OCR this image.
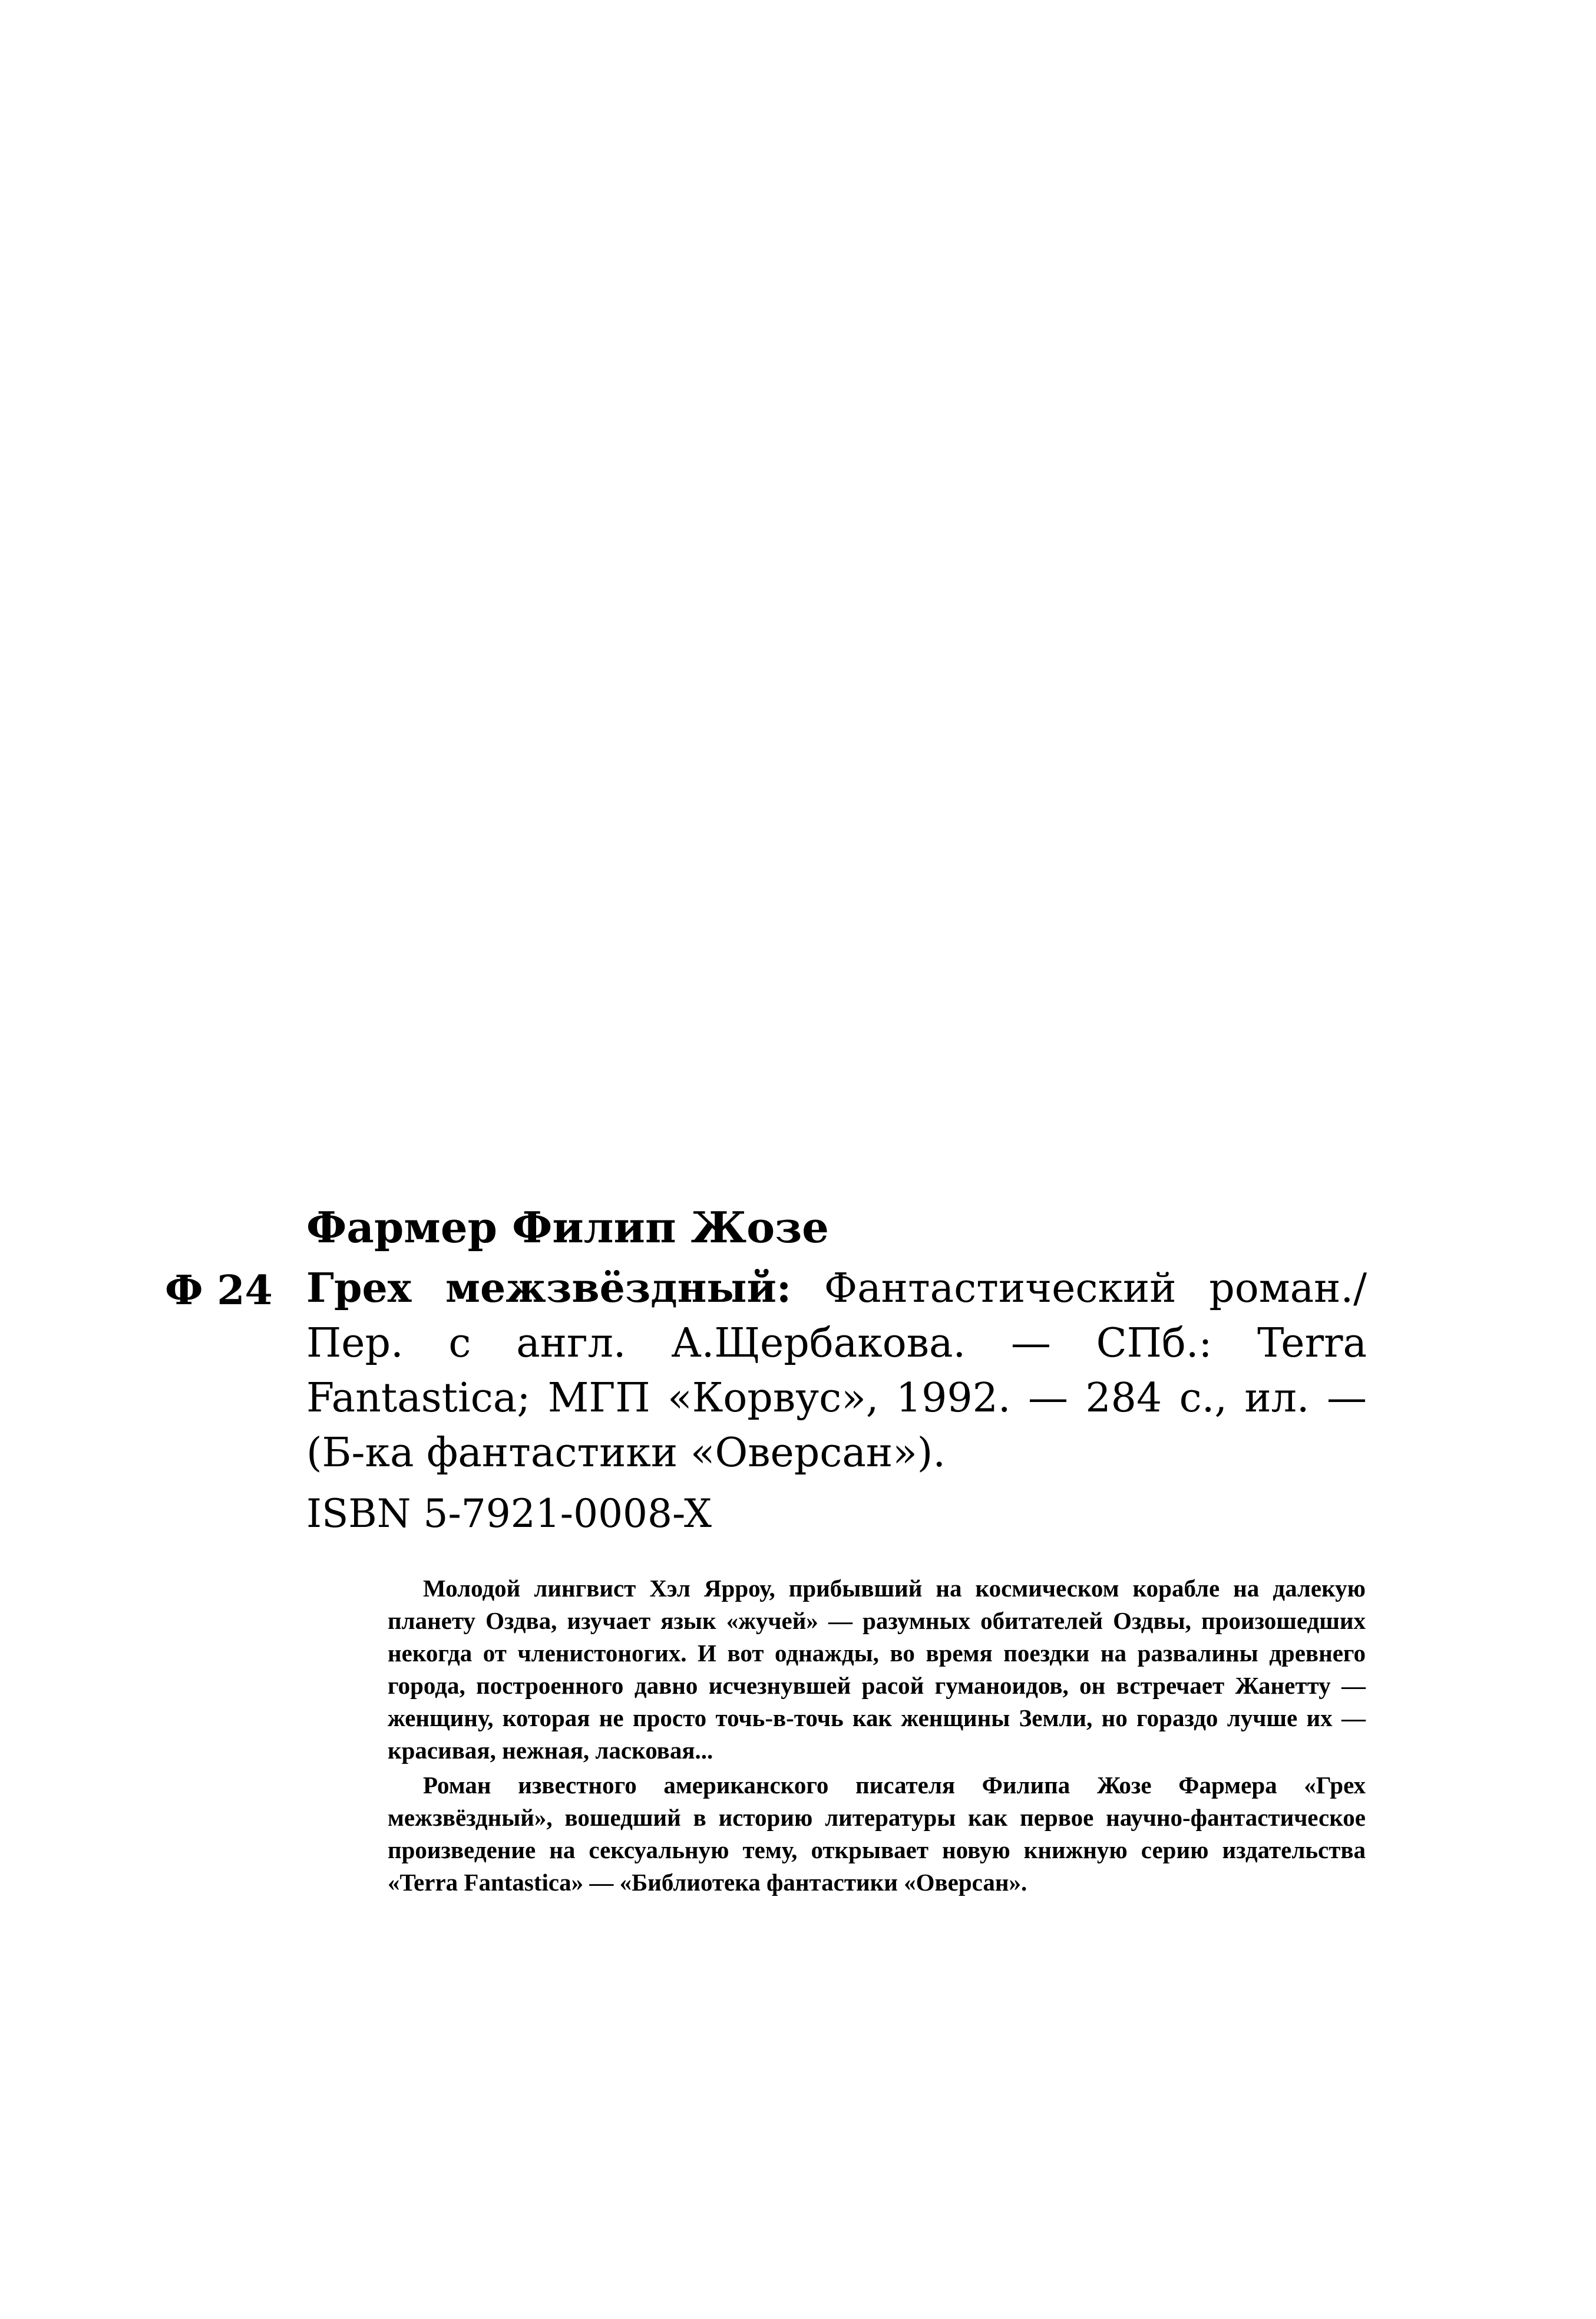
Фармер Филип Жозе
Ф 24 Грех межзвёздный: Фантастический роман./ Пер. с англ. А.Щербакова. — СПб.: Terra Fantastica; МГП «Корвус», 1992. — 284 с., ил. — (Б-ка фантастики «Оверсан»).
ISBN 5-7921-0008-X

Молодой лингвист Хэл Ярроу, прибывший на космическом корабле на далекую планету Оздва, изучает язык «жучей» — разумных обитателей Оздвы, произошедших некогда от членистоногих. И вот однажды, во время поездки на развалины древнего города, построенного давно исчезнувшей расой гуманоидов, он встречает Жанетту — женщину, которая не просто точь-в-точь как женщины Земли, но гораздо лучше их — красивая, нежная, ласковая...

Роман известного американского писателя Филипа Жозе Фармера «Грех межзвёздный», вошедший в историю литературы как первое научно-фантастическое произведение на сексуальную тему, открывает новую книжную серию издательства «Terra Fantastica» — «Библиотека фантастики «Оверсан».
